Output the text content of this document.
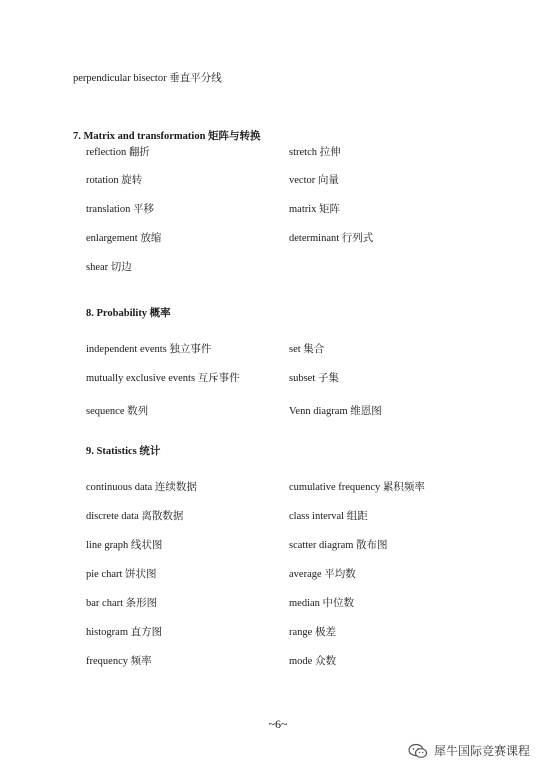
perpendicular bisector 垂直平分线
7. Matrix and transformation 矩阵与转换
reflection 翻折
rotation 旋转
translation 平移
enlargement 放缩
shear 切边
stretch 拉伸
vector 向量
matrix 矩阵
determinant 行列式
8. Probability 概率
independent events 独立事件
mutually exclusive events 互斥事件
sequence 数列
set 集合
subset 子集
Venn diagram 维恩图
9. Statistics 统计
continuous data 连续数据
discrete data 离散数据
line graph 线状图
pie chart 饼状图
bar chart 条形图
histogram 直方图
frequency 频率
cumulative frequency 累积频率
class interval 组距
scatter diagram 散布图
average 平均数
median 中位数
range 极差
mode 众数
~6~
犀牛国际竞赛课程
